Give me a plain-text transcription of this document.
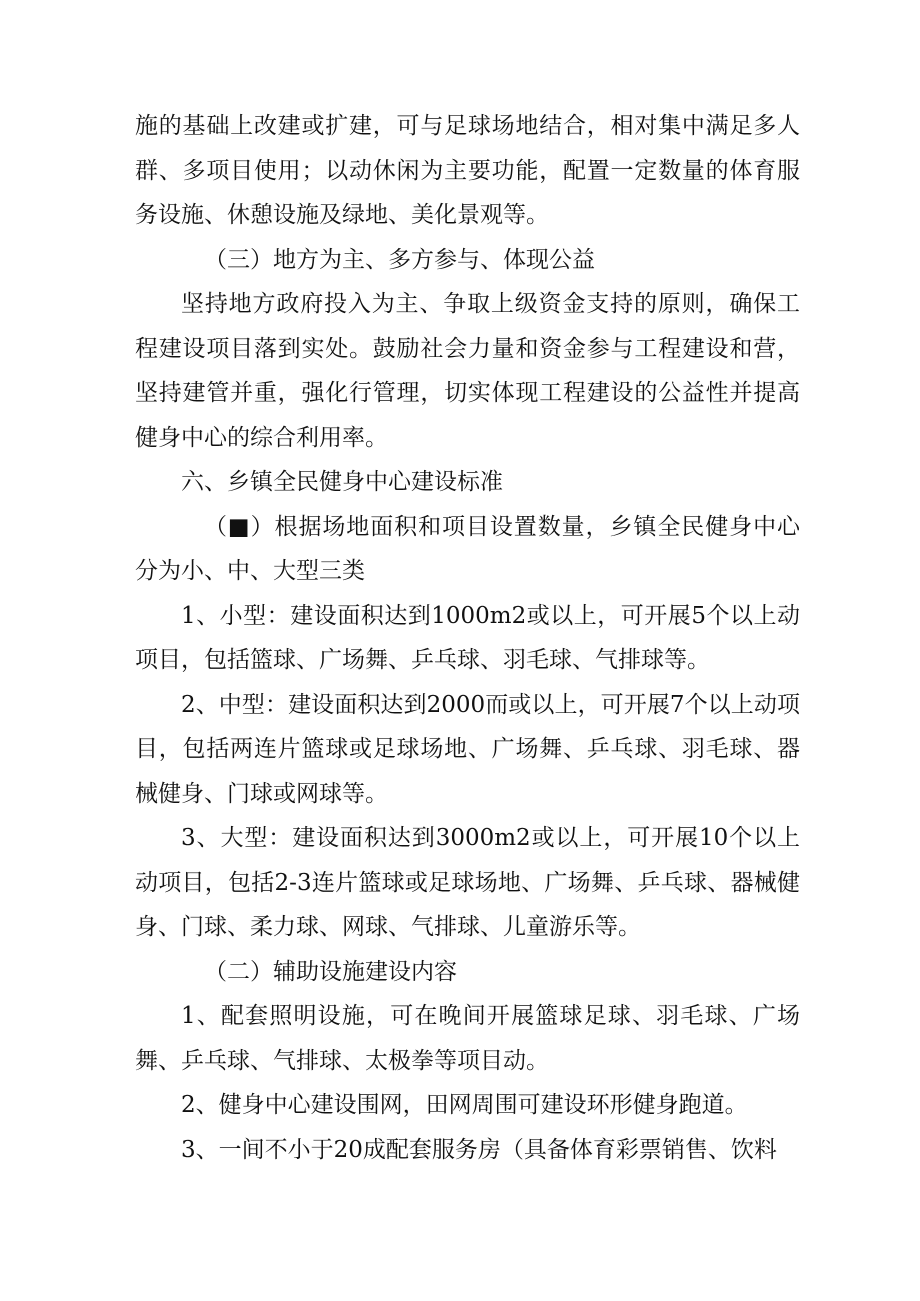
施的基础上改建或扩建，可与足球场地结合，相对集中满足多人群、多项目使用；以动休闲为主要功能，配置一定数量的体育服务设施、休憩设施及绿地、美化景观等。

（三）地方为主、多方参与、体现公益

坚持地方政府投入为主、争取上级资金支持的原则，确保工程建设项目落到实处。鼓励社会力量和资金参与工程建设和营，坚持建管并重，强化行管理，切实体现工程建设的公益性并提高健身中心的综合利用率。

六、乡镇全民健身中心建设标准

（■）根据场地面积和项目设置数量，乡镇全民健身中心分为小、中、大型三类

1、小型：建设面积达到1000m2或以上，可开展5个以上动项目，包括篮球、广场舞、乒乓球、羽毛球、气排球等。

2、中型：建设面积达到2000而或以上，可开展7个以上动项目，包括两连片篮球或足球场地、广场舞、乒乓球、羽毛球、器械健身、门球或网球等。

3、大型：建设面积达到3000m2或以上，可开展10个以上动项目，包括2-3连片篮球或足球场地、广场舞、乒乓球、器械健身、门球、柔力球、网球、气排球、儿童游乐等。

（二）辅助设施建设内容

1、配套照明设施，可在晚间开展篮球足球、羽毛球、广场舞、乒乓球、气排球、太极拳等项目动。

2、健身中心建设围网，田网周围可建设环形健身跑道。

3、一间不小于20成配套服务房（具备体育彩票销售、饮料
